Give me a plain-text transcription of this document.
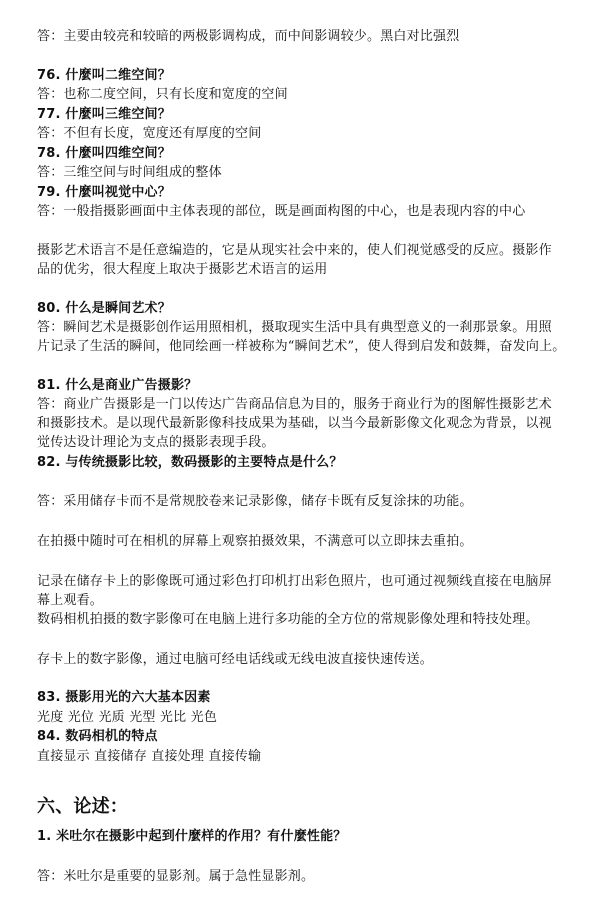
答：主要由较亮和较暗的两极影调构成，而中间影调较少。黑白对比强烈
76. 什麼叫二维空间？
答：也称二度空间，只有长度和宽度的空间
77. 什麼叫三维空间？
答：不但有长度，宽度还有厚度的空间
78. 什麼叫四维空间？
答：三维空间与时间组成的整体
79. 什麼叫视觉中心？
答：一般指摄影画面中主体表现的部位，既是画面构图的中心，也是表现内容的中心
摄影艺术语言不是任意编造的，它是从现实社会中来的，使人们视觉感受的反应。摄影作
品的优劣，很大程度上取决于摄影艺术语言的运用
80. 什么是瞬间艺术？
答：瞬间艺术是摄影创作运用照相机，摄取现实生活中具有典型意义的一刹那景象。用照
片记录了生活的瞬间，他同绘画一样被称为“瞬间艺术”，使人得到启发和鼓舞，奋发向上。
81. 什么是商业广告摄影？
答：商业广告摄影是一门以传达广告商品信息为目的，服务于商业行为的图解性摄影艺术
和摄影技术。是以现代最新影像科技成果为基础，以当今最新影像文化观念为背景，以视
觉传达设计理论为支点的摄影表现手段。
82. 与传统摄影比较，数码摄影的主要特点是什么？
答：采用储存卡而不是常规胶卷来记录影像，储存卡既有反复涂抹的功能。
在拍摄中随时可在相机的屏幕上观察拍摄效果，不满意可以立即抹去重拍。
记录在储存卡上的影像既可通过彩色打印机打出彩色照片，也可通过视频线直接在电脑屏
幕上观看。
数码相机拍摄的数字影像可在电脑上进行多功能的全方位的常规影像处理和特技处理。
存卡上的数字影像，通过电脑可经电话线或无线电波直接快速传送。
83. 摄影用光的六大基本因素
光度 光位 光质 光型 光比 光色
84. 数码相机的特点
直接显示 直接储存 直接处理 直接传输
六、论述：
1. 米吐尔在摄影中起到什麼样的作用？有什麼性能？
答：米吐尔是重要的显影剂。属于急性显影剂。
